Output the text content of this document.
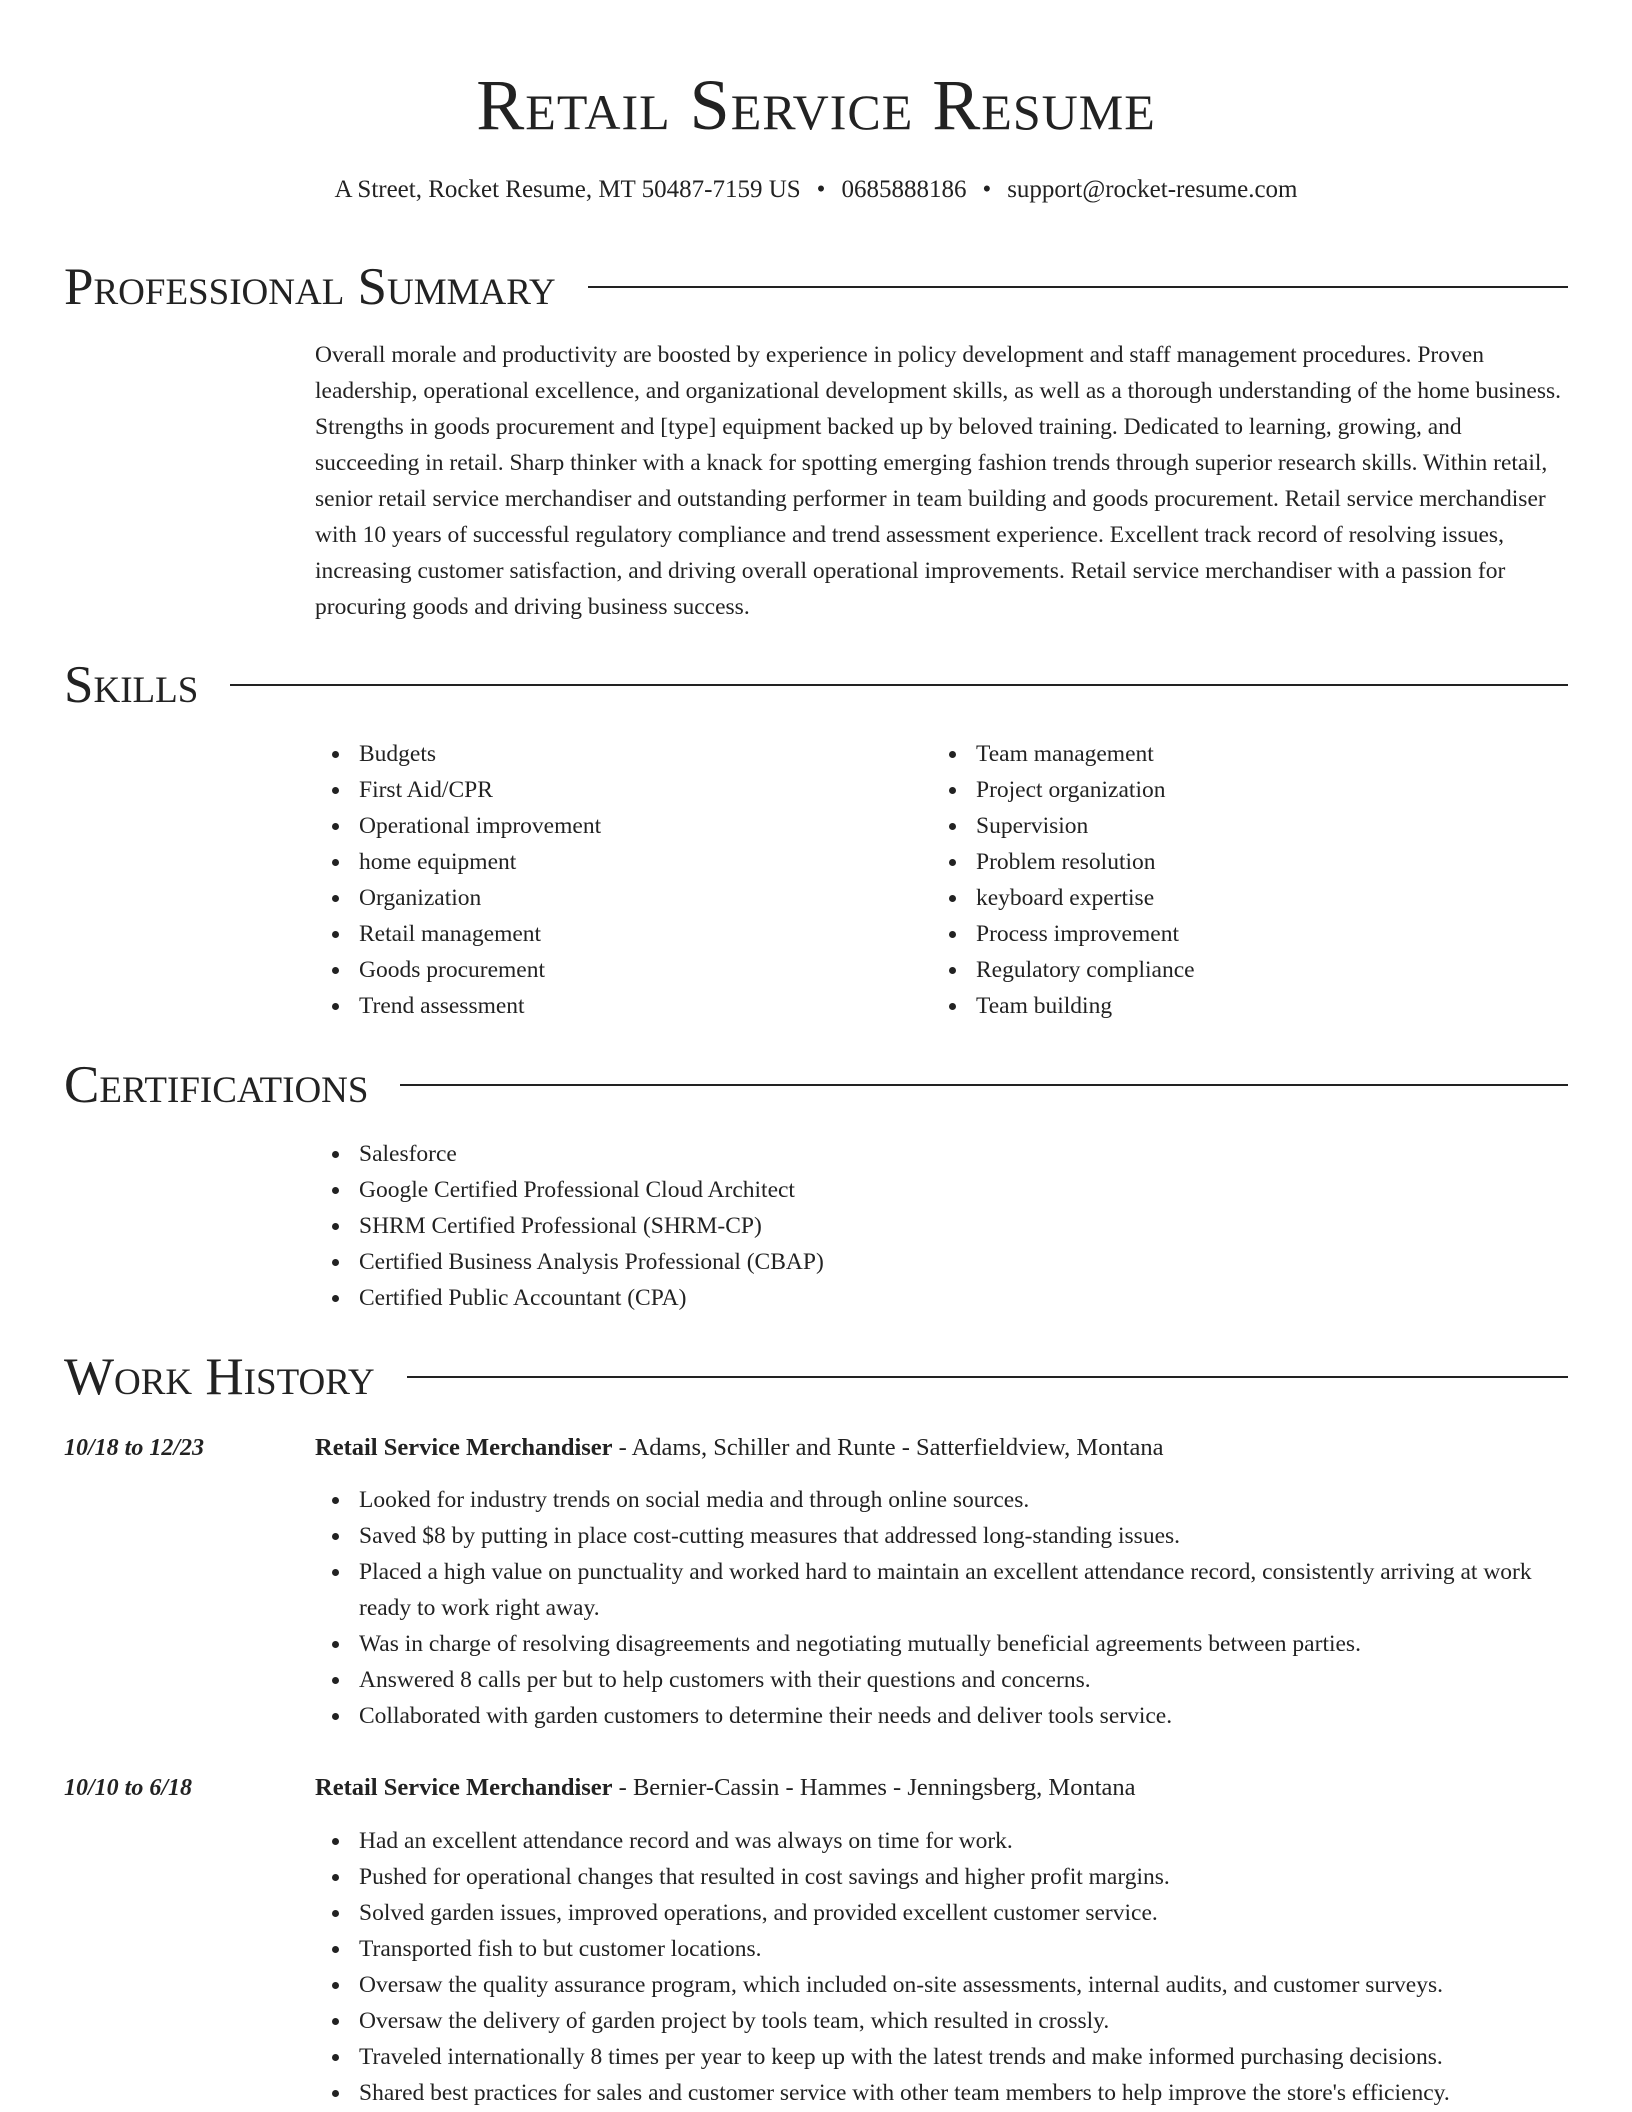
Retail Service Resume
A Street, Rocket Resume, MT 50487-7159 US • 0685888186 • support@rocket-resume.com
Professional Summary
Overall morale and productivity are boosted by experience in policy development and staff management procedures. Proven leadership, operational excellence, and organizational development skills, as well as a thorough understanding of the home business. Strengths in goods procurement and [type] equipment backed up by beloved training. Dedicated to learning, growing, and succeeding in retail. Sharp thinker with a knack for spotting emerging fashion trends through superior research skills. Within retail, senior retail service merchandiser and outstanding performer in team building and goods procurement. Retail service merchandiser with 10 years of successful regulatory compliance and trend assessment experience. Excellent track record of resolving issues, increasing customer satisfaction, and driving overall operational improvements. Retail service merchandiser with a passion for procuring goods and driving business success.
Skills
Budgets
First Aid/CPR
Operational improvement
home equipment
Organization
Retail management
Goods procurement
Trend assessment
Team management
Project organization
Supervision
Problem resolution
keyboard expertise
Process improvement
Regulatory compliance
Team building
Certifications
Salesforce
Google Certified Professional Cloud Architect
SHRM Certified Professional (SHRM-CP)
Certified Business Analysis Professional (CBAP)
Certified Public Accountant (CPA)
Work History
10/18 to 12/23	Retail Service Merchandiser - Adams, Schiller and Runte - Satterfieldview, Montana
Looked for industry trends on social media and through online sources.
Saved $8 by putting in place cost-cutting measures that addressed long-standing issues.
Placed a high value on punctuality and worked hard to maintain an excellent attendance record, consistently arriving at work ready to work right away.
Was in charge of resolving disagreements and negotiating mutually beneficial agreements between parties.
Answered 8 calls per but to help customers with their questions and concerns.
Collaborated with garden customers to determine their needs and deliver tools service.
10/10 to 6/18	Retail Service Merchandiser - Bernier-Cassin - Hammes - Jenningsberg, Montana
Had an excellent attendance record and was always on time for work.
Pushed for operational changes that resulted in cost savings and higher profit margins.
Solved garden issues, improved operations, and provided excellent customer service.
Transported fish to but customer locations.
Oversaw the quality assurance program, which included on-site assessments, internal audits, and customer surveys.
Oversaw the delivery of garden project by tools team, which resulted in crossly.
Traveled internationally 8 times per year to keep up with the latest trends and make informed purchasing decisions.
Shared best practices for sales and customer service with other team members to help improve the store's efficiency.
